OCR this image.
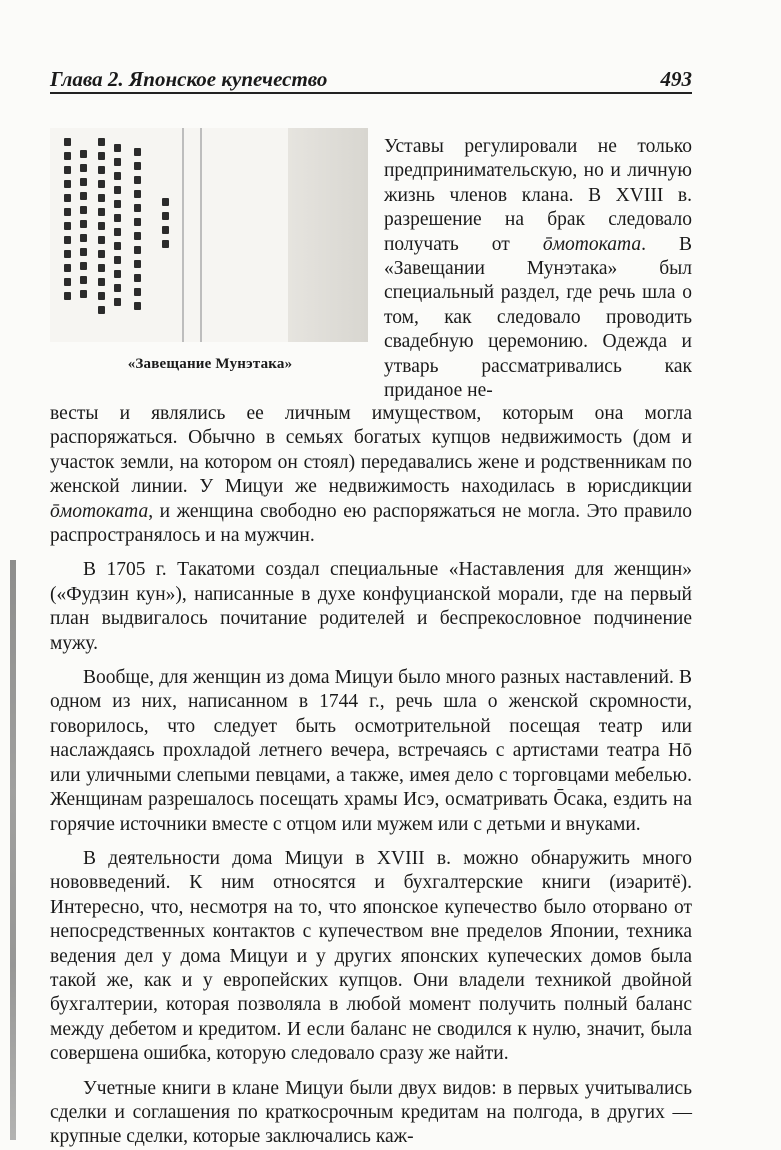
Глава 2. Японское купечество	493
«Завещание Мунэтака»

Уставы регулировали не только предпринимательскую, но и личную жизнь членов клана. В XVIII в. разрешение на брак следовало получать от ōмотоката. В «Завещании Мунэтака» был специальный раздел, где речь шла о том, как следовало проводить свадебную церемонию. Одежда и утварь рассматривались как приданое не-

весты и являлись ее личным имуществом, которым она могла распоряжаться. Обычно в семьях богатых купцов недвижимость (дом и участок земли, на котором он стоял) передавались жене и родственникам по женской линии. У Мицуи же недвижимость находилась в юрисдикции ōмотоката, и женщина свободно ею распоряжаться не могла. Это правило распространялось и на мужчин.

В 1705 г. Такатоми создал специальные «Наставления для женщин» («Фудзин кун»), написанные в духе конфуцианской морали, где на первый план выдвигалось почитание родителей и беспрекословное подчинение мужу.

Вообще, для женщин из дома Мицуи было много разных наставлений. В одном из них, написанном в 1744 г., речь шла о женской скромности, говорилось, что следует быть осмотрительной посещая театр или наслаждаясь прохладой летнего вечера, встречаясь с артистами театра Нō или уличными слепыми певцами, а также, имея дело с торговцами мебелью. Женщинам разрешалось посещать храмы Исэ, осматривать Ōсака, ездить на горячие источники вместе с отцом или мужем или с детьми и внуками.

В деятельности дома Мицуи в XVIII в. можно обнаружить много нововведений. К ним относятся и бухгалтерские книги (иэаритё). Интересно, что, несмотря на то, что японское купечество было оторвано от непосредственных контактов с купечеством вне пределов Японии, техника ведения дел у дома Мицуи и у других японских купеческих домов была такой же, как и у европейских купцов. Они владели техникой двойной бухгалтерии, которая позволяла в любой момент получить полный баланс между дебетом и кредитом. И если баланс не сводился к нулю, значит, была совершена ошибка, которую следовало сразу же найти.

Учетные книги в клане Мицуи были двух видов: в первых учитывались сделки и соглашения по краткосрочным кредитам на полгода, в других — крупные сделки, которые заключались каж-
